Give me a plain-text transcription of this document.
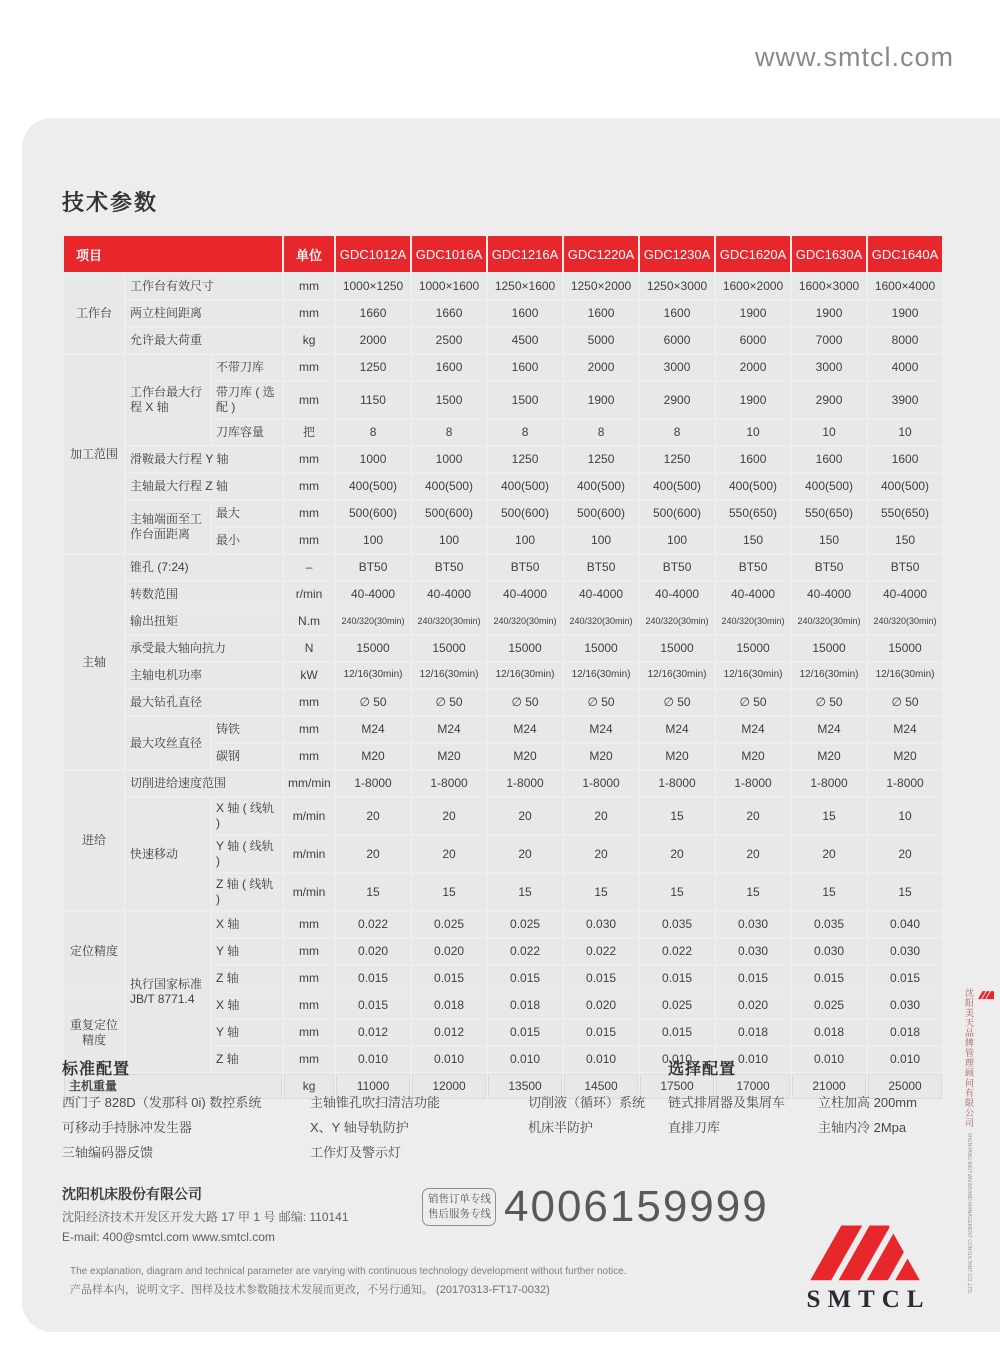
www.smtcl.com
技术参数
项目			单位	GDC1012A	GDC1016A	GDC1216A	GDC1220A	GDC1230A	GDC1620A	GDC1630A	GDC1640A
工作台	工作台有效尺寸		mm	1000×1250	1000×1600	1250×1600	1250×2000	1250×3000	1600×2000	1600×3000	1600×4000
	两立柱间距离		mm	1660	1660	1600	1600	1600	1900	1900	1900
	允许最大荷重		kg	2000	2500	4500	5000	6000	6000	7000	8000
加工范围	工作台最大行程 X 轴	不带刀库	mm	1250	1600	1600	2000	3000	2000	3000	4000
		带刀库 ( 选配 )	mm	1150	1500	1500	1900	2900	1900	2900	3900
		刀库容量	把	8	8	8	8	8	10	10	10
	滑鞍最大行程 Y 轴		mm	1000	1000	1250	1250	1250	1600	1600	1600
	主轴最大行程 Z 轴		mm	400(500)	400(500)	400(500)	400(500)	400(500)	400(500)	400(500)	400(500)
	主轴端面至工作台面距离	最大	mm	500(600)	500(600)	500(600)	500(600)	500(600)	550(650)	550(650)	550(650)
		最小	mm	100	100	100	100	100	150	150	150
主轴	锥孔 (7:24)		–	BT50	BT50	BT50	BT50	BT50	BT50	BT50	BT50
	转数范围		r/min	40-4000	40-4000	40-4000	40-4000	40-4000	40-4000	40-4000	40-4000
	输出扭矩		N.m	240/320(30min)	240/320(30min)	240/320(30min)	240/320(30min)	240/320(30min)	240/320(30min)	240/320(30min)	240/320(30min)
	承受最大轴向抗力		N	15000	15000	15000	15000	15000	15000	15000	15000
	主轴电机功率		kW	12/16(30min)	12/16(30min)	12/16(30min)	12/16(30min)	12/16(30min)	12/16(30min)	12/16(30min)	12/16(30min)
	最大钻孔直径		mm	∅ 50	∅ 50	∅ 50	∅ 50	∅ 50	∅ 50	∅ 50	∅ 50
	最大攻丝直径	铸铁	mm	M24	M24	M24	M24	M24	M24	M24	M24
		碳钢	mm	M20	M20	M20	M20	M20	M20	M20	M20
进给	切削进给速度范围		mm/min	1-8000	1-8000	1-8000	1-8000	1-8000	1-8000	1-8000	1-8000
	快速移动	X 轴 ( 线轨 )	m/min	20	20	20	20	15	20	15	10
		Y 轴 ( 线轨 )	m/min	20	20	20	20	20	20	20	20
		Z 轴 ( 线轨 )	m/min	15	15	15	15	15	15	15	15
定位精度	执行国家标准 JB/T 8771.4	X 轴	mm	0.022	0.025	0.025	0.030	0.035	0.030	0.035	0.040
		Y 轴	mm	0.020	0.020	0.022	0.022	0.022	0.030	0.030	0.030
		Z 轴	mm	0.015	0.015	0.015	0.015	0.015	0.015	0.015	0.015
重复定位精度		X 轴	mm	0.015	0.018	0.018	0.020	0.025	0.020	0.025	0.030
		Y 轴	mm	0.012	0.012	0.015	0.015	0.015	0.018	0.018	0.018
		Z 轴	mm	0.010	0.010	0.010	0.010	0.010	0.010	0.010	0.010
主机重量			kg	11000	12000	13500	14500	17500	17000	21000	25000
标准配置
西门子 828D（发那科 0i) 数控系统
可移动手持脉冲发生器
三轴编码器反馈
主轴锥孔吹扫清洁功能
X、Y 轴导轨防护
工作灯及警示灯
切削液（循环）系统
机床半防护
选择配置
链式排屑器及集屑车
直排刀库
立柱加高 200mm
主轴内冷 2Mpa
沈阳机床股份有限公司
沈阳经济技术开发区开发大路 17 甲 1 号 邮编: 110141
E-mail: 400@smtcl.com www.smtcl.com
销售订单专线
售后服务专线 4006159999
The explanation, diagram and technical parameter are varying with continuous technology development without further notice.
产品样本内，说明文字、图样及技术参数随技术发展而更改，不另行通知。 (20170313-FT17-0032)	SMTCL
沈阳美天品牌管理顾问有限公司 SHENYANG MEITIAN BRAND MANAGEMENT CONSULTANT CO.,LTD.
